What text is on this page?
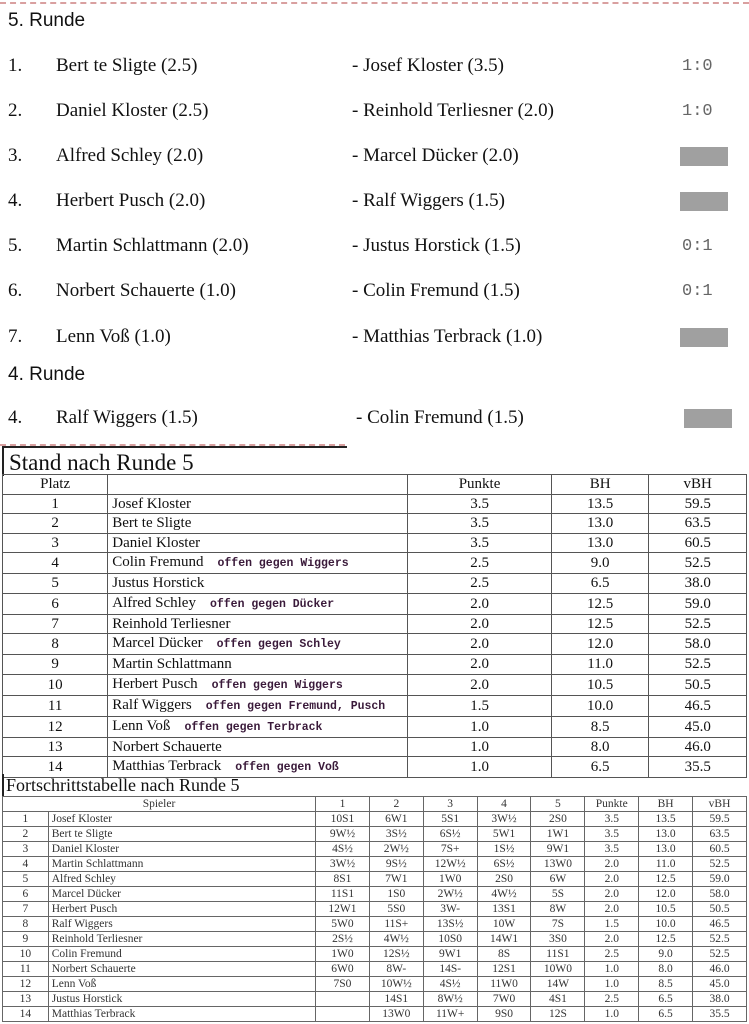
5. Runde
1. Bert te Sligte (2.5)	- Josef Kloster (3.5)	1:0
2. Daniel Kloster (2.5)	- Reinhold Terliesner (2.0)	1:0
3. Alfred Schley (2.0)	- Marcel Dücker (2.0)
4. Herbert Pusch (2.0)	- Ralf Wiggers (1.5)
5. Martin Schlattmann (2.0)	- Justus Horstick (1.5)	0:1
6. Norbert Schauerte (1.0)	- Colin Fremund (1.5)	0:1
7. Lenn Voß (1.0)	- Matthias Terbrack (1.0)
4. Runde
4. Ralf Wiggers (1.5)	- Colin Fremund (1.5)
Stand nach Runde 5
Platz		Punkte	BH	vBH
1	Josef Kloster	3.5	13.5	59.5
2	Bert te Sligte	3.5	13.0	63.5
3	Daniel Kloster	3.5	13.0	60.5
4	Colin Fremund offen gegen Wiggers	2.5	9.0	52.5
5	Justus Horstick	2.5	6.5	38.0
6	Alfred Schley offen gegen Dücker	2.0	12.5	59.0
7	Reinhold Terliesner	2.0	12.5	52.5
8	Marcel Dücker offen gegen Schley	2.0	12.0	58.0
9	Martin Schlattmann	2.0	11.0	52.5
10	Herbert Pusch offen gegen Wiggers	2.0	10.5	50.5
11	Ralf Wiggers offen gegen Fremund, Pusch	1.5	10.0	46.5
12	Lenn Voß offen gegen Terbrack	1.0	8.5	45.0
13	Norbert Schauerte	1.0	8.0	46.0
14	Matthias Terbrack offen gegen Voß	1.0	6.5	35.5
Fortschrittstabelle nach Runde 5
Spieler		1	2	3	4	5	Punkte	BH	vBH
1	Josef Kloster	10S1	6W1	5S1	3W½	2S0	3.5	13.5	59.5
2	Bert te Sligte	9W½	3S½	6S½	5W1	1W1	3.5	13.0	63.5
3	Daniel Kloster	4S½	2W½	7S+	1S½	9W1	3.5	13.0	60.5
4	Martin Schlattmann	3W½	9S½	12W½	6S½	13W0	2.0	11.0	52.5
5	Alfred Schley	8S1	7W1	1W0	2S0	6W	2.0	12.5	59.0
6	Marcel Dücker	11S1	1S0	2W½	4W½	5S	2.0	12.0	58.0
7	Herbert Pusch	12W1	5S0	3W-	13S1	8W	2.0	10.5	50.5
8	Ralf Wiggers	5W0	11S+	13S½	10W	7S	1.5	10.0	46.5
9	Reinhold Terliesner	2S½	4W½	10S0	14W1	3S0	2.0	12.5	52.5
10	Colin Fremund	1W0	12S½	9W1	8S	11S1	2.5	9.0	52.5
11	Norbert Schauerte	6W0	8W-	14S-	12S1	10W0	1.0	8.0	46.0
12	Lenn Voß	7S0	10W½	4S½	11W0	14W	1.0	8.5	45.0
13	Justus Horstick		14S1	8W½	7W0	4S1	2.5	6.5	38.0
14	Matthias Terbrack		13W0	11W+	9S0	12S	1.0	6.5	35.5
